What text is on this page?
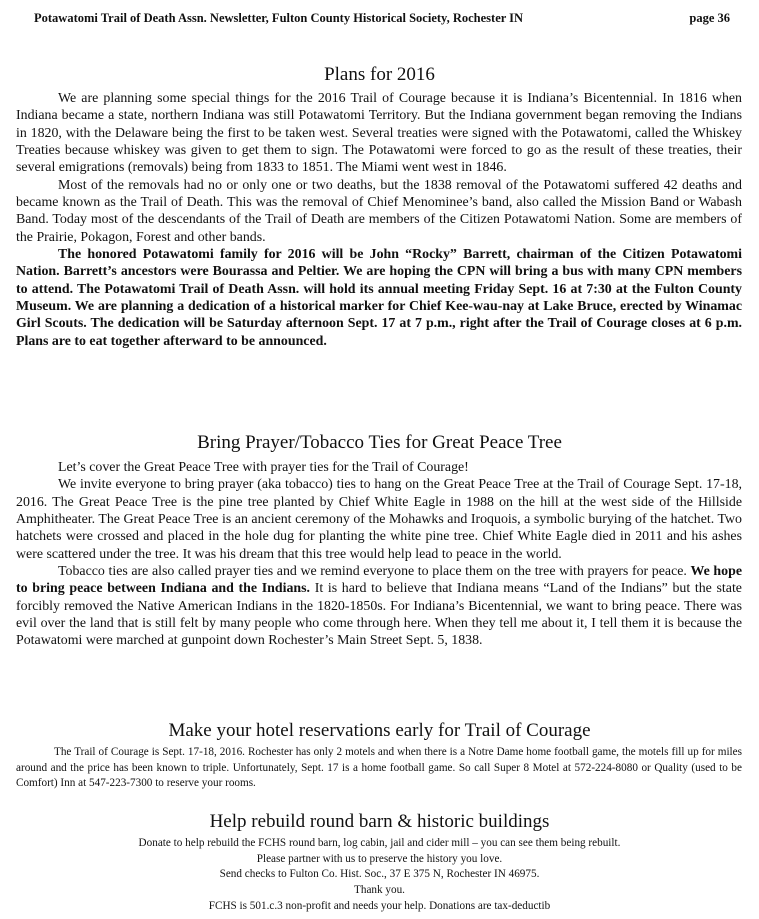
Potawatomi Trail of Death Assn. Newsletter, Fulton County Historical Society, Rochester IN	page 36
Plans for 2016

We are planning some special things for the 2016 Trail of Courage because it is Indiana’s Bicentennial. In 1816 when Indiana became a state, northern Indiana was still Potawatomi Territory. But the Indiana government began removing the Indians in 1820, with the Delaware being the first to be taken west. Several treaties were signed with the Potawatomi, called the Whiskey Treaties because whiskey was given to get them to sign. The Potawatomi were forced to go as the result of these treaties, their several emigrations (removals) being from 1833 to 1851. The Miami went west in 1846.

Most of the removals had no or only one or two deaths, but the 1838 removal of the Potawatomi suffered 42 deaths and became known as the Trail of Death. This was the removal of Chief Menominee’s band, also called the Mission Band or Wabash Band. Today most of the descendants of the Trail of Death are members of the Citizen Potawatomi Nation. Some are members of the Prairie, Pokagon, Forest and other bands.

The honored Potawatomi family for 2016 will be John “Rocky” Barrett, chairman of the Citizen Potawatomi Nation. Barrett’s ancestors were Bourassa and Peltier. We are hoping the CPN will bring a bus with many CPN members to attend. The Potawatomi Trail of Death Assn. will hold its annual meeting Friday Sept. 16 at 7:30 at the Fulton County Museum. We are planning a dedication of a historical marker for Chief Kee-wau-nay at Lake Bruce, erected by Winamac Girl Scouts. The dedication will be Saturday afternoon Sept. 17 at 7 p.m., right after the Trail of Courage closes at 6 p.m. Plans are to eat together afterward to be announced.

Bring Prayer/Tobacco Ties for Great Peace Tree

Let’s cover the Great Peace Tree with prayer ties for the Trail of Courage!

We invite everyone to bring prayer (aka tobacco) ties to hang on the Great Peace Tree at the Trail of Courage Sept. 17-18, 2016. The Great Peace Tree is the pine tree planted by Chief White Eagle in 1988 on the hill at the west side of the Hillside Amphitheater. The Great Peace Tree is an ancient ceremony of the Mohawks and Iroquois, a symbolic burying of the hatchet. Two hatchets were crossed and placed in the hole dug for planting the white pine tree. Chief White Eagle died in 2011 and his ashes were scattered under the tree. It was his dream that this tree would help lead to peace in the world.

Tobacco ties are also called prayer ties and we remind everyone to place them on the tree with prayers for peace. We hope to bring peace between Indiana and the Indians. It is hard to believe that Indiana means “Land of the Indians” but the state forcibly removed the Native American Indians in the 1820-1850s. For Indiana’s Bicentennial, we want to bring peace. There was evil over the land that is still felt by many people who come through here. When they tell me about it, I tell them it is because the Potawatomi were marched at gunpoint down Rochester’s Main Street Sept. 5, 1838.

Make your hotel reservations early for Trail of Courage

The Trail of Courage is Sept. 17-18, 2016. Rochester has only 2 motels and when there is a Notre Dame home football game, the motels fill up for miles around and the price has been known to triple. Unfortunately, Sept. 17 is a home football game. So call Super 8 Motel at 572-224-8080 or Quality (used to be Comfort) Inn at 547-223-7300 to reserve your rooms.

Help rebuild round barn & historic buildings
Donate to help rebuild the FCHS round barn, log cabin, jail and cider mill – you can see them being rebuilt.
Please partner with us to preserve the history you love.
Send checks to Fulton Co. Hist. Soc., 37 E 375 N, Rochester IN 46975.
Thank you.
FCHS is 501.c.3 non-profit and needs your help. Donations are tax-deductib
